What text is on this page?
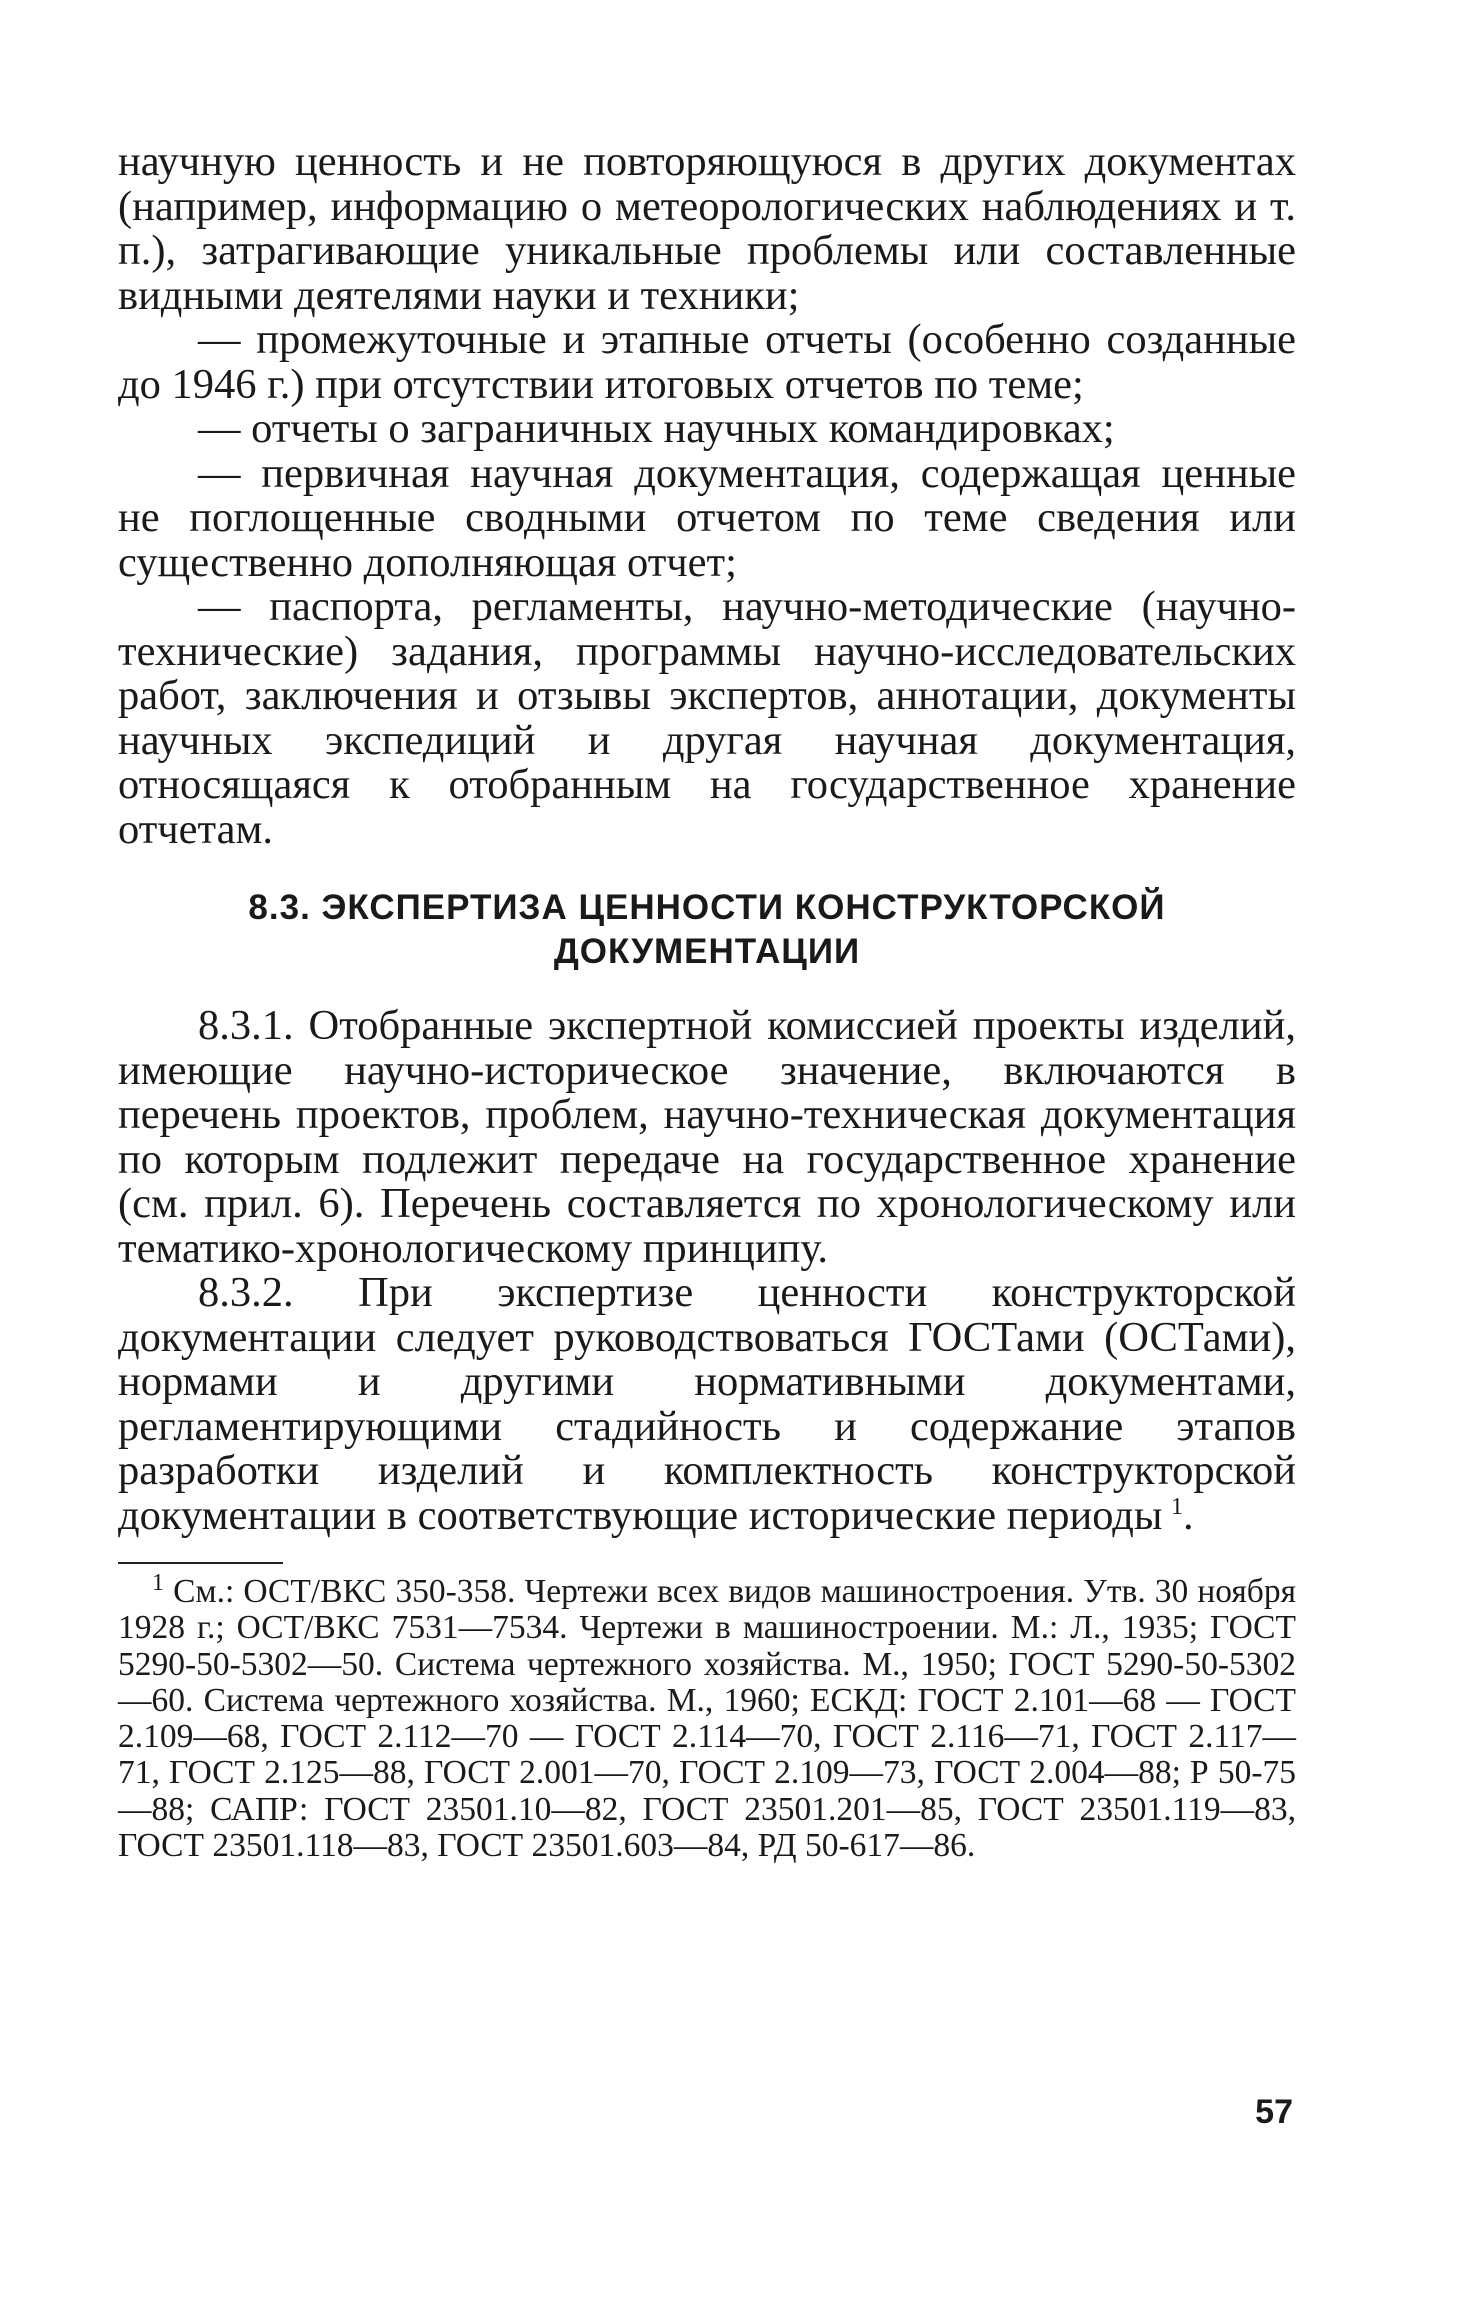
научную ценность и не повторяющуюся в других документах (например, информацию о метеорологических наблюдениях и т. п.), затрагивающие уникальные проблемы или составленные видными деятелями науки и техники;

— промежуточные и этапные отчеты (особенно созданные до 1946 г.) при отсутствии итоговых отчетов по теме;

— отчеты о заграничных научных командировках;

— первичная научная документация, содержащая ценные не поглощенные сводными отчетом по теме сведения или существенно дополняющая отчет;

— паспорта, регламенты, научно-методические (научно-технические) задания, программы научно-исследовательских работ, заключения и отзывы экспертов, аннотации, документы научных экспедиций и другая научная документация, относящаяся к отобранным на государственное хранение отчетам.

8.3. ЭКСПЕРТИЗА ЦЕННОСТИ КОНСТРУКТОРСКОЙ
ДОКУМЕНТАЦИИ

8.3.1. Отобранные экспертной комиссией проекты изделий, имеющие научно-историческое значение, включаются в перечень проектов, проблем, научно-техническая документация по которым подлежит передаче на государственное хранение (см. прил. 6). Перечень составляется по хронологическому или тематико-хронологическому принципу.

8.3.2. При экспертизе ценности конструкторской документации следует руководствоваться ГОСТами (ОСТами), нормами и другими нормативными документами, регламентирующими стадийность и содержание этапов разработки изделий и комплектность конструкторской документации в соответствующие исторические периоды  $^1$.

$^1$ См.: ОСТ/ВКС 350-358. Чертежи всех видов машиностроения. Утв. 30 ноября 1928 г.; ОСТ/ВКС 7531—7534. Чертежи в машиностроении. М.: Л., 1935; ГОСТ 5290-50-5302—50. Система чертежного хозяйства. М., 1950; ГОСТ 5290-50-5302—60. Система чертежного хозяйства. М., 1960; ЕСКД: ГОСТ 2.101—68 — ГОСТ 2.109—68, ГОСТ 2.112—70 — ГОСТ 2.114—70, ГОСТ 2.116—71, ГОСТ 2.117—71, ГОСТ 2.125—88, ГОСТ 2.001—70, ГОСТ 2.109—73, ГОСТ 2.004—88; Р 50-75—88; САПР: ГОСТ 23501.10—82, ГОСТ 23501.201—85, ГОСТ 23501.119—83, ГОСТ 23501.118—83, ГОСТ 23501.603—84, РД 50-617—86.

57
